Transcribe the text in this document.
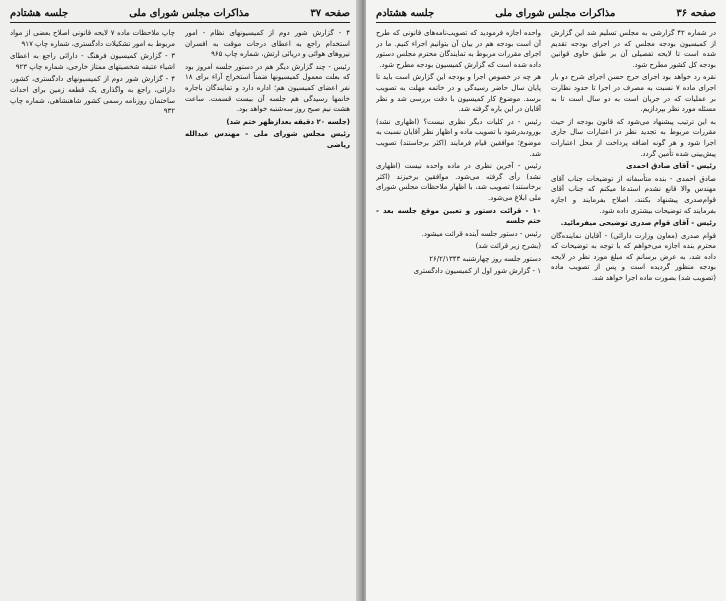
صفحه ۳۷
مذاکرات مجلس شورای ملی
جلسه هشتادم

۴ - گزارش شور دوم از کمیسیونهای نظام - امور استخدام راجع به اعطای درجات موقت به افسران نیروهای هوائی و دریائی ارتش، شماره چاپ ۹۶۵

رئیس - چند گزارش دیگر هم در دستور جلسه امروز بود که بعلت معمول کمیسیونها ضمناً استخراج آراء برای ۱۸ نفر اعضای کمیسیون هم؛ اداره دارد و تمایندگان باجاره خانمها رسیدگی هم جلسه آن بیست قسمت. ساعت هشت نیم صبح روز سه‌شنبه خواهد بود.

(جلسه ۲۰ دقیقه بعدازظهر ختم شد)

رئیس مجلس شورای ملی - مهندس عبدالله ریاضی

چاپ ملاحظات ماده ۷ لایحه قانونی اصلاح بعضی از مواد مربوط به امور تشکیلات دادگستری، شماره چاپ ۹۱۷

۳ - گزارش کمیسیون فرهنگ - دارائی راجع به اعطای اشیاء عتیقه شخصیتهای ممتاز خارجی، شماره چاپ ۹۲۳

۴ - گزارش شور دوم از کمیسیونهای دادگستری، کشور، دارائی، راجع به واگذاری یک قطعه زمین برای احداث ساختمان روزنامه رسمی کشور شاهنشاهی، شماره چاپ ۹۳۲

صفحه ۳۶
مذاکرات مجلس شورای ملی
جلسه هشتادم

در شماره ۴۲ گزارشی به مجلس تسلیم شد این گزارش از کمیسیون بودجه مجلس که در اجرای بودجه تقدیم شده است تا لایحه تفصیلی آن بر طبق حاوی قوانین بودجه کل کشور مطرح شود.

نقره رد خواهد بود اجرای حرج حسن اجرای شرح دو بار اجرای ماده ۷ نسبت به مصرف در اجرا تا حدود نظارت بر عملیات که در جریان است به دو سال است تا به مسئله مورد نظر بپردازیم.

به این ترتیب پیشنهاد می‌شود که قانون بودجه از حیث مقررات مربوط به تجدید نظر در اعتبارات سال جاری اجرا شود و هر گونه اضافه پرداخت از محل اعتبارات پیش‌بینی شده تأمین گردد.

رئیس - آقای صادق احمدی

صادق احمدی - بنده متأسفانه از توضیحات جناب آقای مهندس والا قانع نشدم استدعا میکنم که جناب آقای قوام‌صدری پیشنهاد بکنند، اصلاح بفرمایند و اجازه بفرمایند که توضیحات بیشتری داده شود.

رئیس - آقای قوام صدری توضیحی میفرمائید.

قوام صدری (معاون وزارت دارائی) - آقایان نماینده‌گان محترم بنده اجازه می‌خواهم که با توجه به توضیحات که داده شد، به عرض برسانم که مبلغ مورد نظر در لایحه بودجه منظور گردیده است و پس از تصویب ماده (تصویب شد) بصورت ماده اجرا خواهد شد.

واحده اجازه فرمودید که تصویب‌نامه‌های قانونی که طرح آن است بودجه هم در بیان آن بتوانیم اجراء کنیم. ما در اجرای مقررات مربوط به تمایندگان محترم مجلس دستور داده شده است که گزارش کمیسیون بودجه مطرح شود.

هر چه در خصوص اجرا و بودجه این گزارش است باید تا پایان سال حاضر رسیدگی و در خاتمه مهلت به تصویب برسد. موضوع کار کمیسیون با دقت بررسی شد و نظر آقایان در این باره گرفته شد.

رئیس - در کلیات دیگر نظری نیست؟ (اظهاری نشد) بورودبدرشود با تصویب ماده و اظهار نظر آقایان نسبت به موضوع؛ موافقین قیام فرمایند (اکثر برخاستند) تصویب شد.

رئیس - آخرین نظری در ماده واحده نیست (اظهاری نشد) رأی گرفته می‌شود. موافقین برخیزند (اکثر برخاستند) تصویب شد، با اظهار ملاحظات مجلس شورای ملی ابلاغ می‌شود.

۱۰ - قرائت دستور و تعیین موقع جلسه بعد - ختم جلسه

رئیس - دستور جلسه آینده قرائت میشود.

(بشرح زیر قرائت شد)

دستور جلسه روز چهارشنبه ۲۶/۲/۱۳۴۳

۱ - گزارش شور اول از کمیسیون دادگستری
